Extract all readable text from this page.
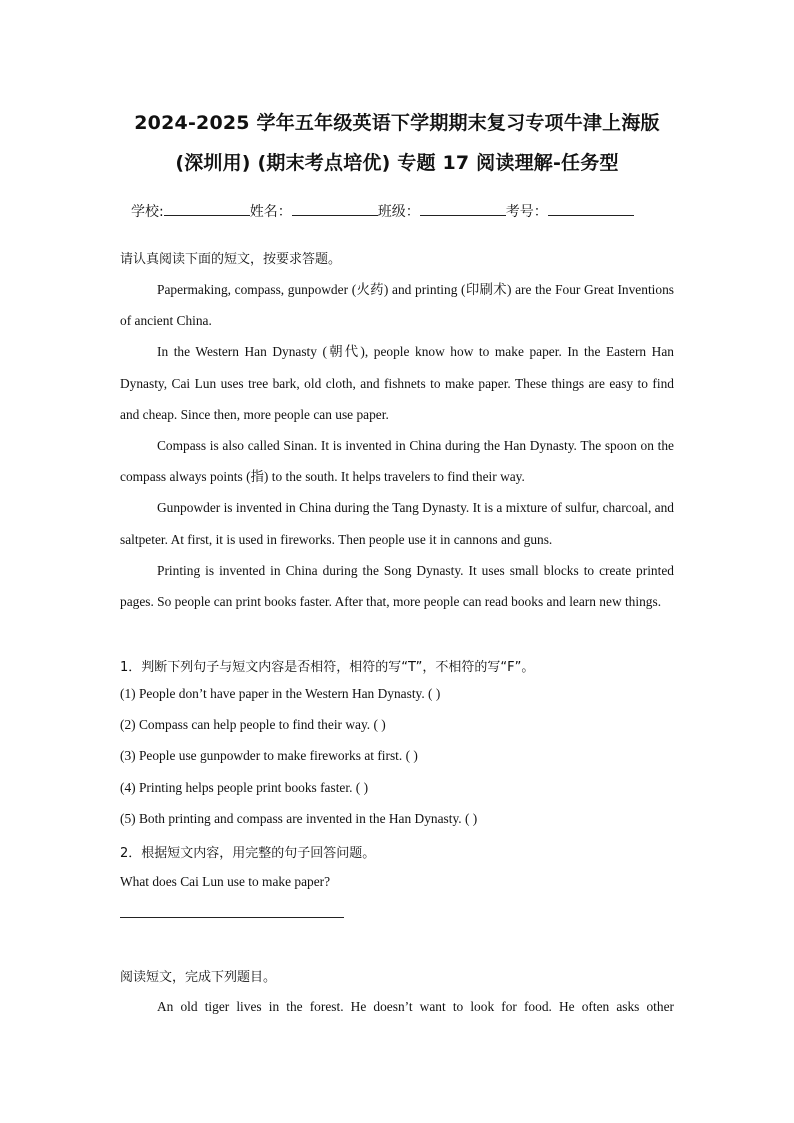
2024-2025 学年五年级英语下学期期末复习专项牛津上海版
(深圳用) (期末考点培优) 专题 17 阅读理解-任务型
学校:	姓名：	班级：	考号：
请认真阅读下面的短文，按要求答题。

Papermaking, compass, gunpowder (火药) and printing (印刷术) are the Four Great Inventions of ancient China.

In the Western Han Dynasty (朝代), people know how to make paper. In the Eastern Han Dynasty, Cai Lun uses tree bark, old cloth, and fishnets to make paper. These things are easy to find and cheap. Since then, more people can use paper.

Compass is also called Sinan. It is invented in China during the Han Dynasty. The spoon on the compass always points (指) to the south. It helps travelers to find their way.

Gunpowder is invented in China during the Tang Dynasty. It is a mixture of sulfur, charcoal, and saltpeter. At first, it is used in fireworks. Then people use it in cannons and guns.

Printing is invented in China during the Song Dynasty. It uses small blocks to create printed pages. So people can print books faster. After that, more people can read books and learn new things.

1．判断下列句子与短文内容是否相符，相符的写“T”，不相符的写“F”。
(1) People don’t have paper in the Western Han Dynasty. ( )
(2) Compass can help people to find their way. ( )
(3) People use gunpowder to make fireworks at first. ( )
(4) Printing helps people print books faster. ( )
(5) Both printing and compass are invented in the Han Dynasty. ( )
2．根据短文内容，用完整的句子回答问题。
What does Cai Lun use to make paper?
阅读短文，完成下列题目。

An old tiger lives in the forest. He doesn’t want to look for food. He often asks other
